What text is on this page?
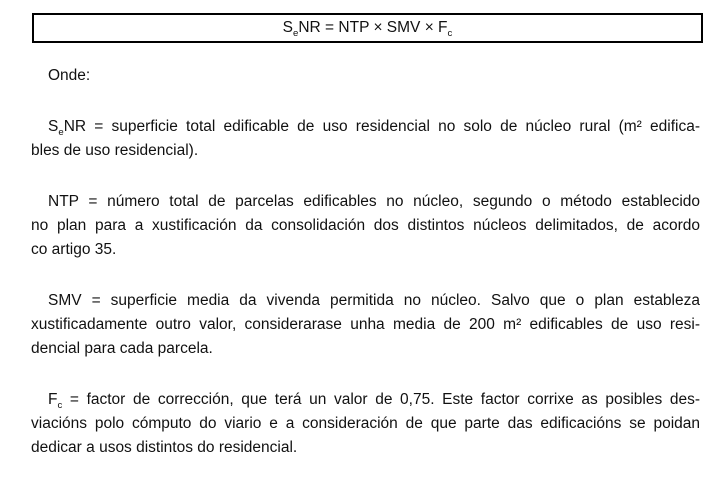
$S_eNR$ = NTP × SMV × $F_c$

Onde:

$S_eNR$ = superficie total edificable de uso residencial no solo de núcleo rural (m² edifica-
bles de uso residencial).

NTP = número total de parcelas edificables no núcleo, segundo o método establecido
no plan para a xustificación da consolidación dos distintos núcleos delimitados, de acordo
co artigo 35.

SMV = superficie media da vivenda permitida no núcleo. Salvo que o plan estableza
xustificadamente outro valor, considerarase unha media de 200 m² edificables de uso resi-
dencial para cada parcela.

$F_c$ = factor de corrección, que terá un valor de 0,75. Este factor corrixe as posibles des-
viacións polo cómputo do viario e a consideración de que parte das edificacións se poidan
dedicar a usos distintos do residencial.
